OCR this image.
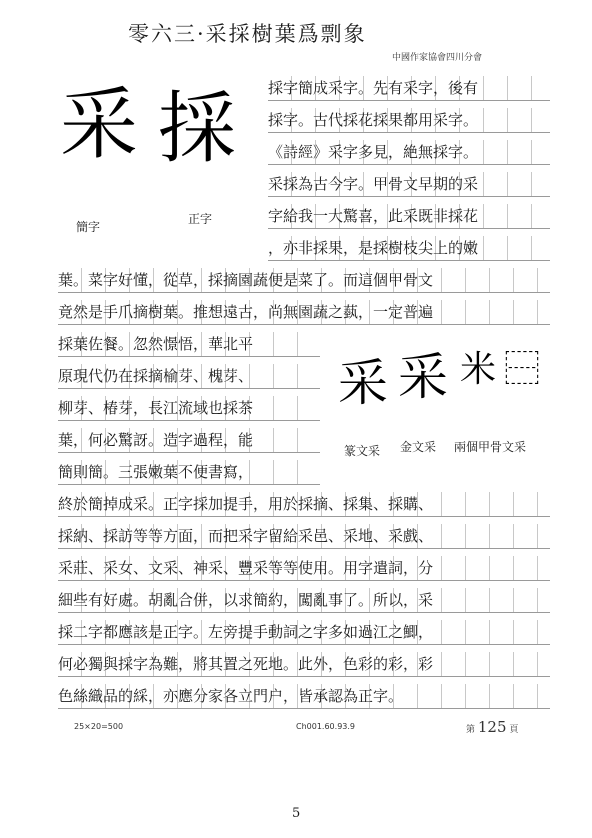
零六三·采採樹葉爲剽象
中國作家協會四川分會
采 採
簡字
正字
采 采 米 ⿱
篆文采 金文采 兩個甲骨文采
採字簡成采字。先有采字，後有
採字。古代採花採果都用采字。
《詩經》采字多見，絶無採字。
采採為古今字。甲骨文早期的采
字給我一大驚喜，此采既非採花
，亦非採果，是採樹枝尖上的嫩
葉。菜字好懂，從草，採摘園蔬便是菜了。而這個甲骨文
竟然是手爪摘樹葉。推想遠古，尚無園蔬之蓺，一定普遍
採葉佐餐。忽然憬悟，華北平
原現代仍在採摘榆芽、槐芽、
柳芽、椿芽，長江流域也採茶
葉，何必驚訝。造字過程，能
簡則簡。三張嫩葉不便書寫，
終於簡掉成采。正字採加提手，用於採摘、採集、採購、
採納、採訪等等方面，而把采字留給采邑、采地、采戲、
采莊、采女、文采、神采、豐采等等使用。用字遣詞，分
細些有好處。胡亂合併，以求簡約，闖亂事了。所以，采
採二字都應該是正字。左旁提手動詞之字多如過江之鯽，
何必獨與採字為難，將其置之死地。此外，色彩的彩，彩
色絲織品的綵，亦應分家各立門户，皆承認為正字。
25×20=500	Ch001.60.93.9	第 125 頁
5
